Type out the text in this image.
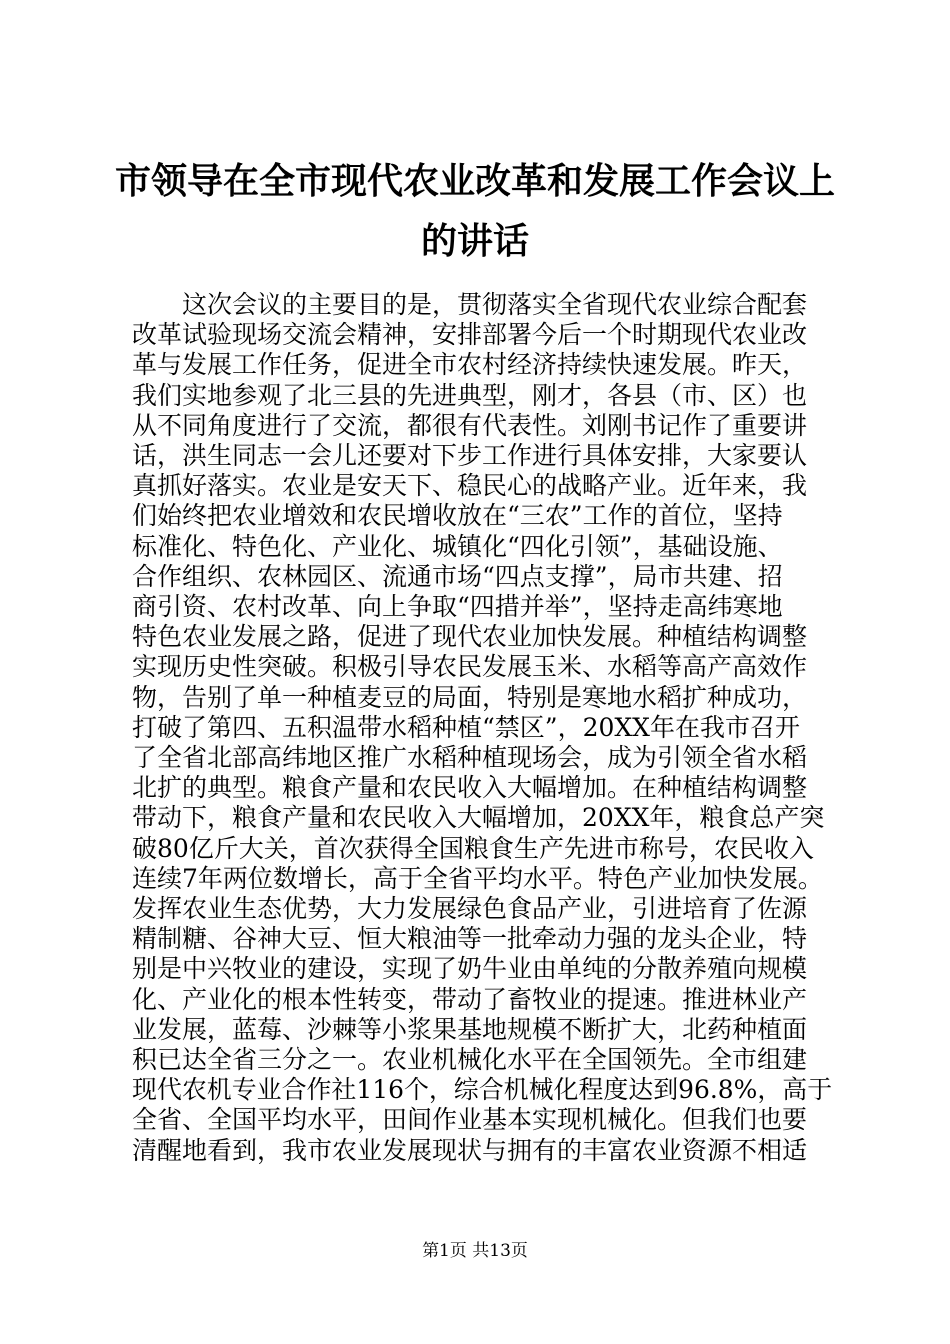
市领导在全市现代农业改革和发展工作会议上
的讲话
　　这次会议的主要目的是，贯彻落实全省现代农业综合配套
改革试验现场交流会精神，安排部署今后一个时期现代农业改
革与发展工作任务，促进全市农村经济持续快速发展。昨天，
我们实地参观了北三县的先进典型，刚才，各县（市、区）也
从不同角度进行了交流，都很有代表性。刘刚书记作了重要讲
话，洪生同志一会儿还要对下步工作进行具体安排，大家要认
真抓好落实。农业是安天下、稳民心的战略产业。近年来，我
们始终把农业增效和农民增收放在“三农”工作的首位，坚持
标准化、特色化、产业化、城镇化“四化引领”，基础设施、
合作组织、农林园区、流通市场“四点支撑”，局市共建、招
商引资、农村改革、向上争取“四措并举”，坚持走高纬寒地
特色农业发展之路，促进了现代农业加快发展。种植结构调整
实现历史性突破。积极引导农民发展玉米、水稻等高产高效作
物，告别了单一种植麦豆的局面，特别是寒地水稻扩种成功，
打破了第四、五积温带水稻种植“禁区”，20XX年在我市召开
了全省北部高纬地区推广水稻种植现场会，成为引领全省水稻
北扩的典型。粮食产量和农民收入大幅增加。在种植结构调整
带动下，粮食产量和农民收入大幅增加，20XX年，粮食总产突
破80亿斤大关，首次获得全国粮食生产先进市称号，农民收入
连续7年两位数增长，高于全省平均水平。特色产业加快发展。
发挥农业生态优势，大力发展绿色食品产业，引进培育了佐源
精制糖、谷神大豆、恒大粮油等一批牵动力强的龙头企业，特
别是中兴牧业的建设，实现了奶牛业由单纯的分散养殖向规模
化、产业化的根本性转变，带动了畜牧业的提速。推进林业产
业发展，蓝莓、沙棘等小浆果基地规模不断扩大，北药种植面
积已达全省三分之一。农业机械化水平在全国领先。全市组建
现代农机专业合作社116个，综合机械化程度达到96.8%，高于
全省、全国平均水平，田间作业基本实现机械化。但我们也要
清醒地看到，我市农业发展现状与拥有的丰富农业资源不相适
第1页 共13页
